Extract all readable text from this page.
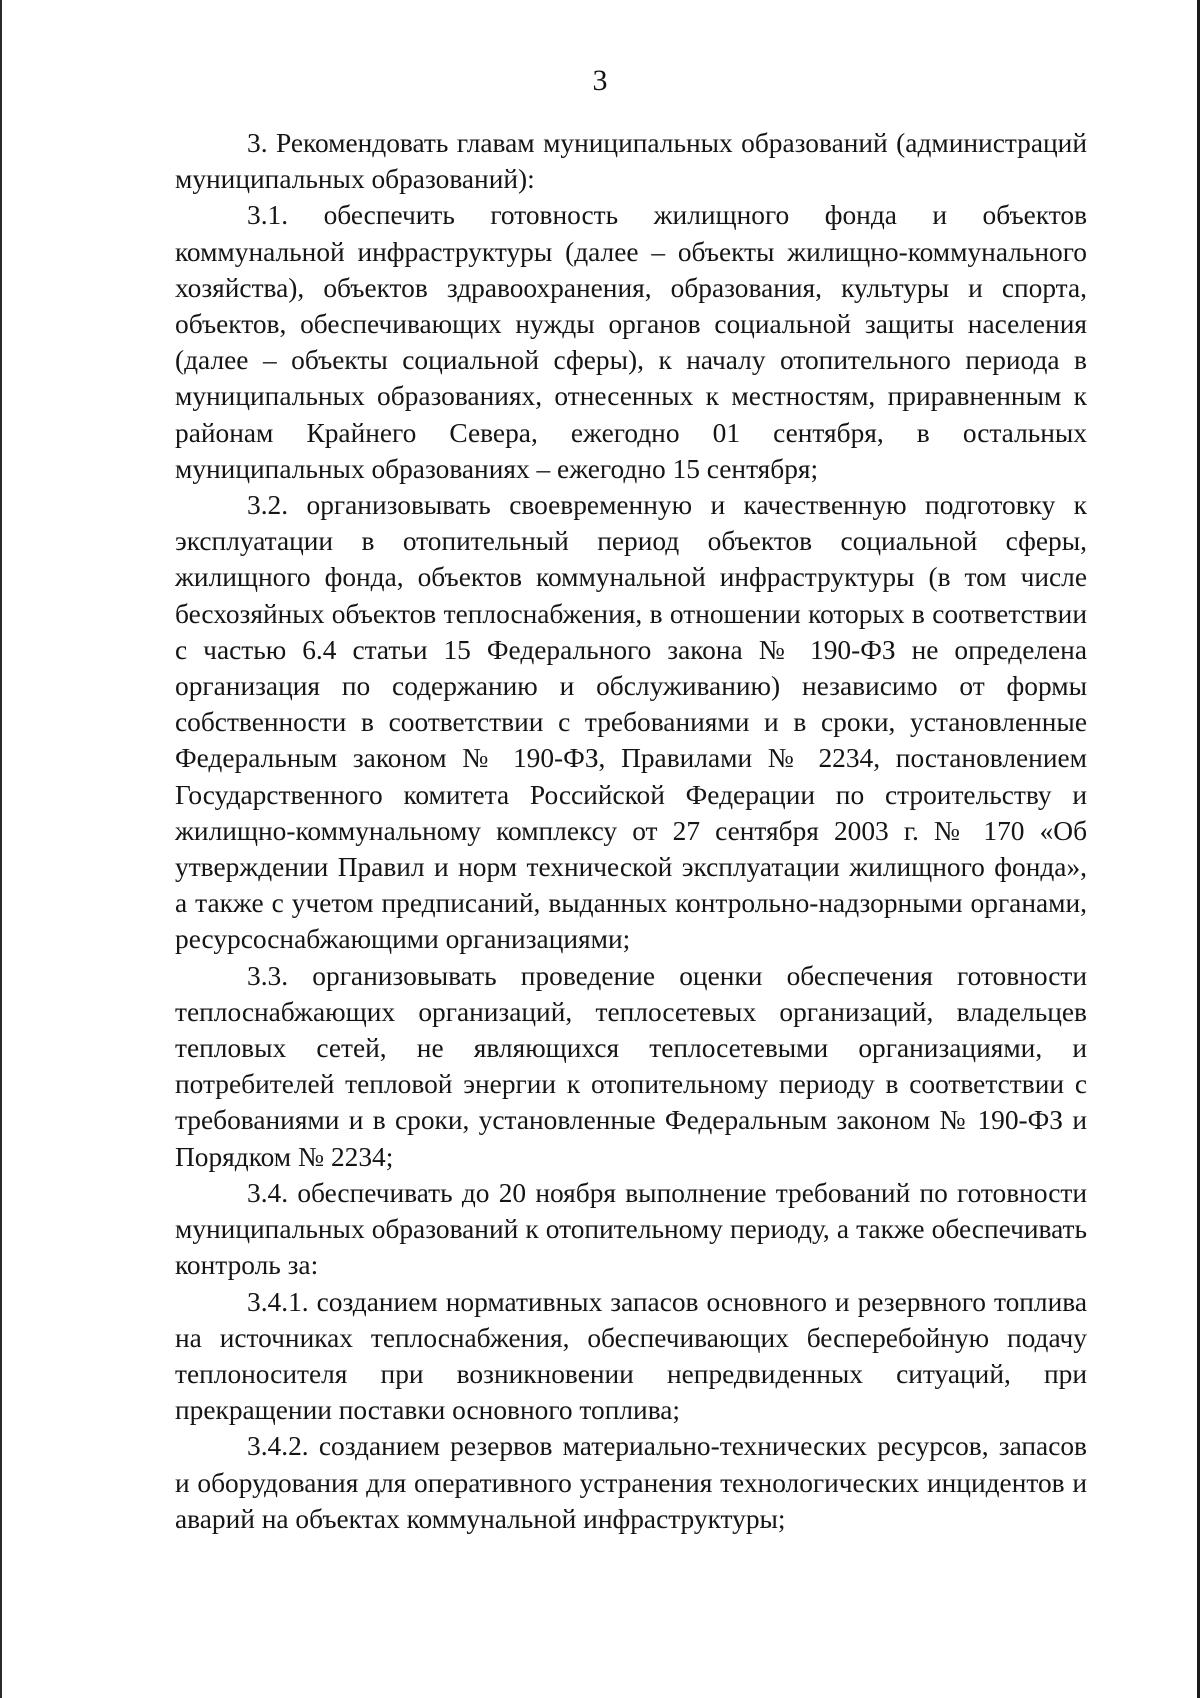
3

3. Рекомендовать главам муниципальных образований (администраций муниципальных образований):

3.1. обеспечить готовность жилищного фонда и объектов коммунальной инфраструктуры (далее – объекты жилищно-коммунального хозяйства), объектов здравоохранения, образования, культуры и спорта, объектов, обеспечивающих нужды органов социальной защиты населения (далее – объекты социальной сферы), к началу отопительного периода в муниципальных образованиях, отнесенных к местностям, приравненным к районам Крайнего Севера, ежегодно 01 сентября, в остальных муниципальных образованиях – ежегодно 15 сентября;

3.2. организовывать своевременную и качественную подготовку к эксплуатации в отопительный период объектов социальной сферы, жилищного фонда, объектов коммунальной инфраструктуры (в том числе бесхозяйных объектов теплоснабжения, в отношении которых в соответствии с частью 6.4 статьи 15 Федерального закона № 190-ФЗ не определена организация по содержанию и обслуживанию) независимо от формы собственности в соответствии с требованиями и в сроки, установленные Федеральным законом № 190-ФЗ, Правилами № 2234, постановлением Государственного комитета Российской Федерации по строительству и жилищно-коммунальному комплексу от 27 сентября 2003 г. № 170 «Об утверждении Правил и норм технической эксплуатации жилищного фонда», а также с учетом предписаний, выданных контрольно-надзорными органами, ресурсоснабжающими организациями;

3.3. организовывать проведение оценки обеспечения готовности теплоснабжающих организаций, теплосетевых организаций, владельцев тепловых сетей, не являющихся теплосетевыми организациями, и потребителей тепловой энергии к отопительному периоду в соответствии с требованиями и в сроки, установленные Федеральным законом № 190-ФЗ и Порядком № 2234;

3.4. обеспечивать до 20 ноября выполнение требований по готовности муниципальных образований к отопительному периоду, а также обеспечивать контроль за:

3.4.1. созданием нормативных запасов основного и резервного топлива на источниках теплоснабжения, обеспечивающих бесперебойную подачу теплоносителя при возникновении непредвиденных ситуаций, при прекращении поставки основного топлива;

3.4.2. созданием резервов материально-технических ресурсов, запасов и оборудования для оперативного устранения технологических инцидентов и аварий на объектах коммунальной инфраструктуры;
